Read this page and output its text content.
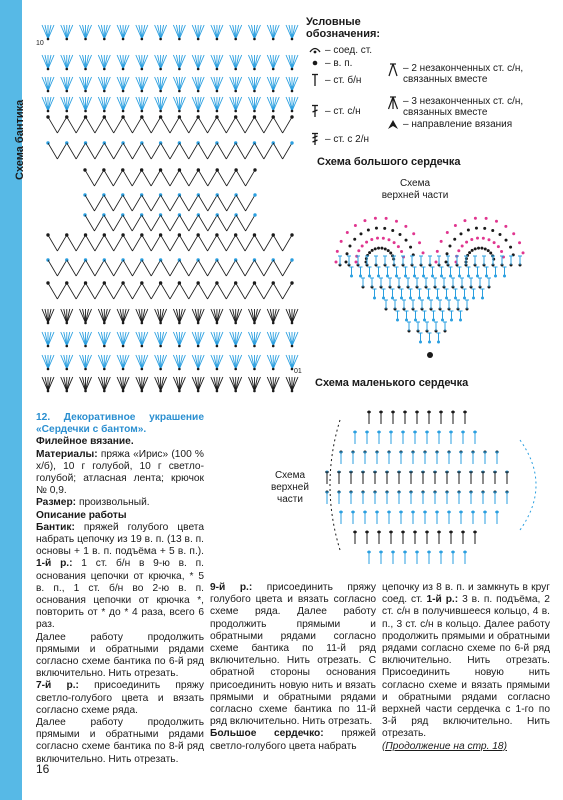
Схема бантика
10
01
Условные обозначения:
– соед. ст.
– в. п.
– ст. б/н
– ст. с/н
– ст. с 2/н
– 2 незаконченных ст. с/н,
связанных вместе
– 3 незаконченных ст. с/н,
связанных вместе
– направление вязания
Схема большого сердечка
Схема верхней части
Схема маленького сердечка
Схема верхней части

12. Декоративное украшение «Сердечки с бантом».

Филейное вязание.

Материалы: пряжа «Ирис» (100 % х/б), 10 г голубой, 10 г светло-голубой; атласная лента; крючок № 0,9.

Размер: произвольный.

Описание работы

Бантик: пряжей голубого цвета набрать цепочку из 19 в. п. (13 в. п. основы + 1 в. п. подъёма + 5 в. п.). 1-й р.: 1 ст. б/н в 9-ю в. п. основания цепочки от крючка, * 5 в. п., 1 ст. б/н во 2-ю в. п. основания цепочки от крючка *, повторить от * до * 4 раза, всего 6 раз.

Далее работу продолжить прямыми и обратными рядами согласно схеме бантика по 6-й ряд включительно. Нить отрезать.

7-й р.: присоединить пряжу светло-голубого цвета и вязать согласно схеме ряда.

Далее работу продолжить прямыми и обратными рядами согласно схеме бантика по 8-й ряд включительно. Нить отрезать.

9-й р.: присоединить пряжу голубого цвета и вязать согласно схеме ряда. Далее работу продолжить прямыми и обратными рядами согласно схеме бантика по 11-й ряд включительно. Нить отрезать. С обратной стороны основания присоединить новую нить и вязать прямыми и обратными рядами согласно схеме бантика по 11-й ряд включительно. Нить отрезать.

Большое сердечко: пряжей светло-голубого цвета набрать

цепочку из 8 в. п. и замкнуть в круг соед. ст. 1-й р.: 3 в. п. подъёма, 2 ст. с/н в получившееся кольцо, 4 в. п., 3 ст. с/н в кольцо. Далее работу продолжить прямыми и обратными рядами согласно схеме по 6-й ряд включительно. Нить отрезать. Присоединить новую нить согласно схеме и вязать прямыми и обратными рядами согласно верхней части сердечка с 1-го по 3-й ряд включительно. Нить отрезать.

(Продолжение на стр. 18)

16
